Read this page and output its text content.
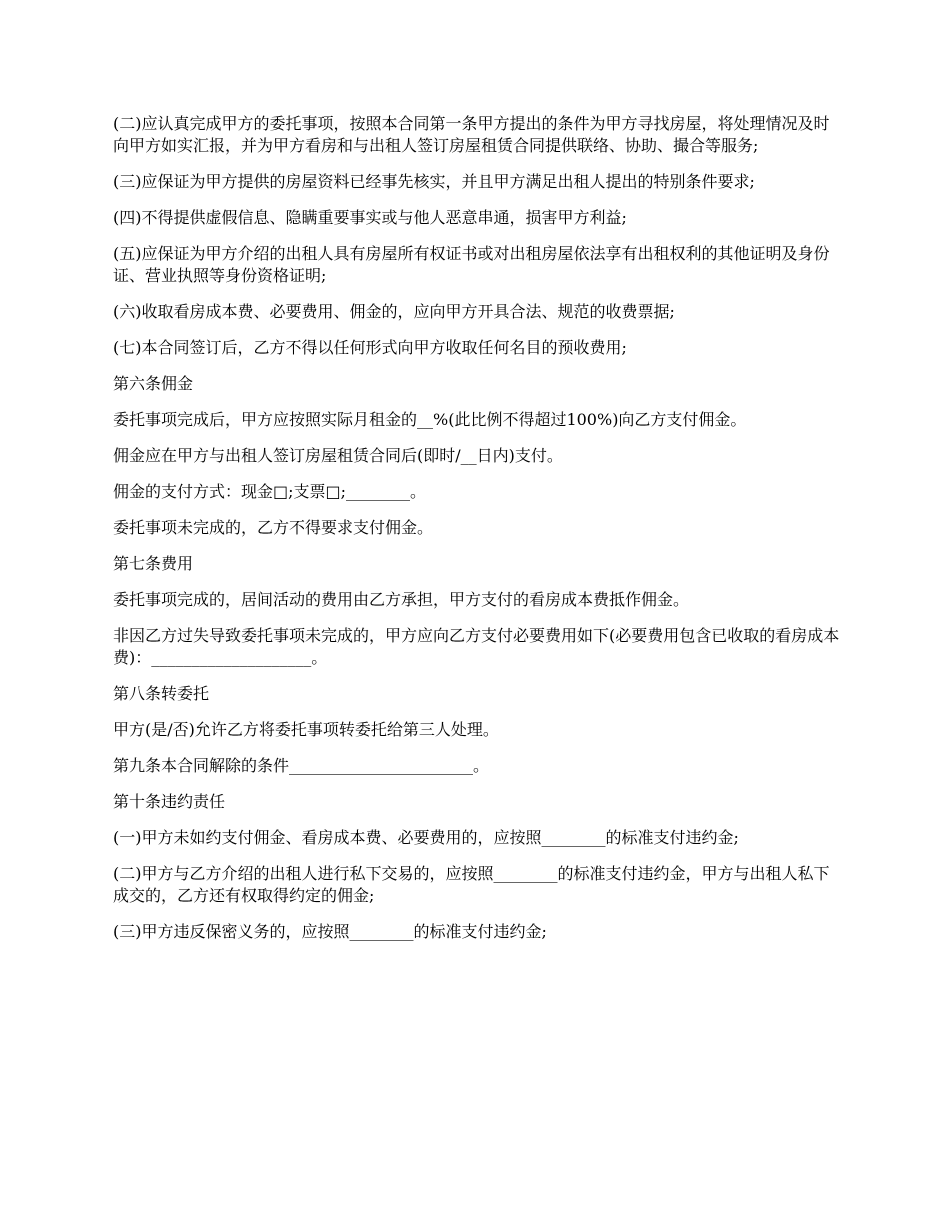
(二)应认真完成甲方的委托事项，按照本合同第一条甲方提出的条件为甲方寻找房屋，将处理情况及时向甲方如实汇报，并为甲方看房和与出租人签订房屋租赁合同提供联络、协助、撮合等服务;

(三)应保证为甲方提供的房屋资料已经事先核实，并且甲方满足出租人提出的特别条件要求;

(四)不得提供虚假信息、隐瞒重要事实或与他人恶意串通，损害甲方利益;

(五)应保证为甲方介绍的出租人具有房屋所有权证书或对出租房屋依法享有出租权利的其他证明及身份证、营业执照等身份资格证明;

(六)收取看房成本费、必要费用、佣金的，应向甲方开具合法、规范的收费票据;

(七)本合同签订后，乙方不得以任何形式向甲方收取任何名目的预收费用;

第六条佣金

委托事项完成后，甲方应按照实际月租金的__%(此比例不得超过100%)向乙方支付佣金。

佣金应在甲方与出租人签订房屋租赁合同后(即时/__日内)支付。

佣金的支付方式：现金□;支票□;________。

委托事项未完成的，乙方不得要求支付佣金。

第七条费用

委托事项完成的，居间活动的费用由乙方承担，甲方支付的看房成本费抵作佣金。

非因乙方过失导致委托事项未完成的，甲方应向乙方支付必要费用如下(必要费用包含已收取的看房成本费)：____________________。

第八条转委托

甲方(是/否)允许乙方将委托事项转委托给第三人处理。

第九条本合同解除的条件_______________________。

第十条违约责任

(一)甲方未如约支付佣金、看房成本费、必要费用的，应按照________的标准支付违约金;

(二)甲方与乙方介绍的出租人进行私下交易的，应按照________的标准支付违约金，甲方与出租人私下成交的，乙方还有权取得约定的佣金;

(三)甲方违反保密义务的，应按照________的标准支付违约金;
